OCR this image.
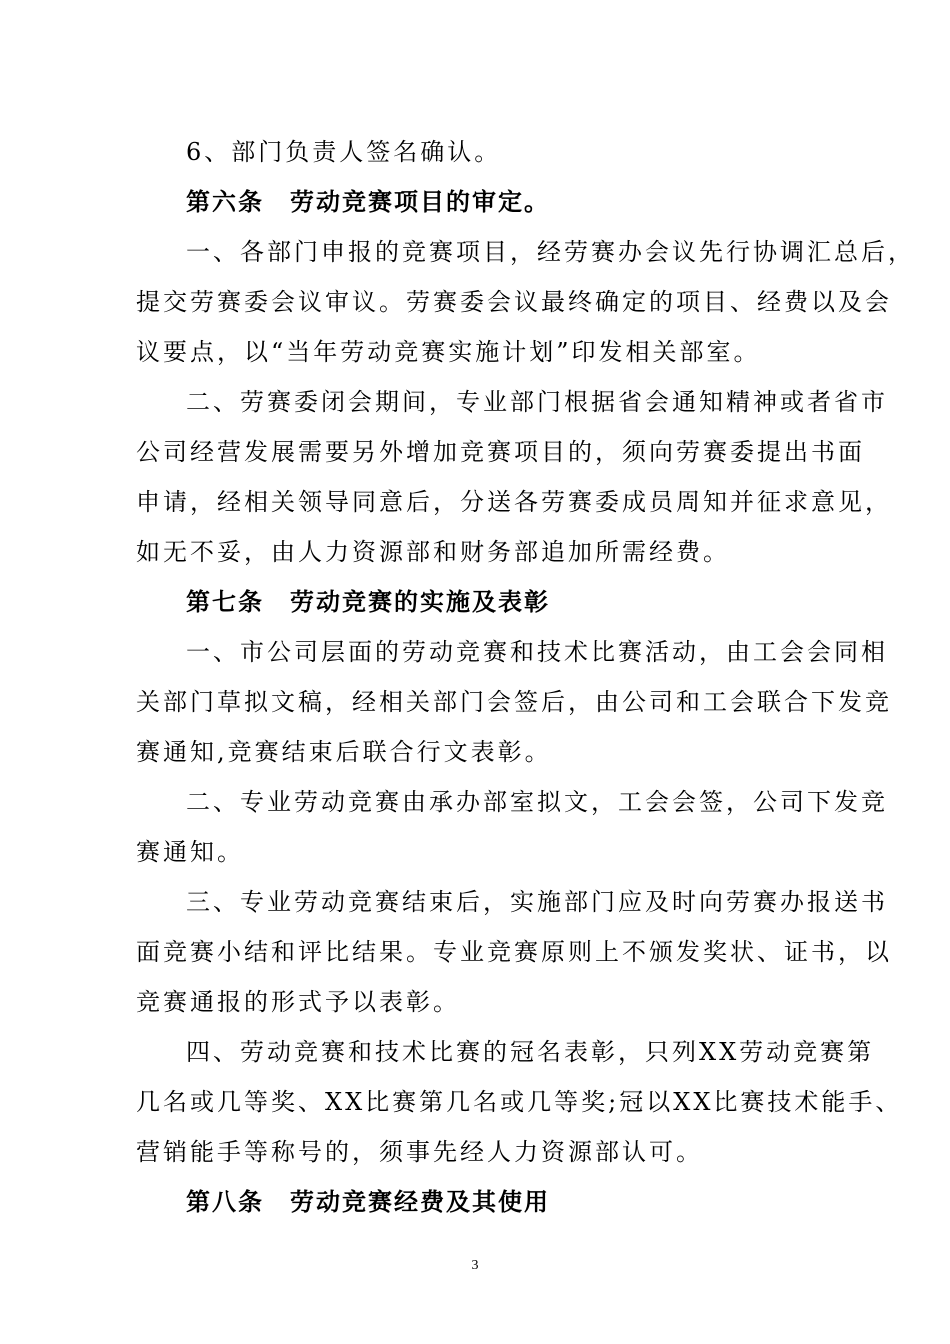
6、部门负责人签名确认。
第六条　劳动竞赛项目的审定。
一、各部门申报的竞赛项目，经劳赛办会议先行协调汇总后，
提交劳赛委会议审议。劳赛委会议最终确定的项目、经费以及会
议要点，以“当年劳动竞赛实施计划”印发相关部室。
二、劳赛委闭会期间，专业部门根据省会通知精神或者省市
公司经营发展需要另外增加竞赛项目的，须向劳赛委提出书面
申请，经相关领导同意后，分送各劳赛委成员周知并征求意见，
如无不妥，由人力资源部和财务部追加所需经费。
第七条　劳动竞赛的实施及表彰
一、市公司层面的劳动竞赛和技术比赛活动，由工会会同相
关部门草拟文稿，经相关部门会签后，由公司和工会联合下发竞
赛通知,竞赛结束后联合行文表彰。
二、专业劳动竞赛由承办部室拟文，工会会签，公司下发竞
赛通知。
三、专业劳动竞赛结束后，实施部门应及时向劳赛办报送书
面竞赛小结和评比结果。专业竞赛原则上不颁发奖状、证书，以
竞赛通报的形式予以表彰。
四、劳动竞赛和技术比赛的冠名表彰，只列XX劳动竞赛第
几名或几等奖、XX比赛第几名或几等奖;冠以XX比赛技术能手、
营销能手等称号的，须事先经人力资源部认可。
第八条　劳动竞赛经费及其使用
3
